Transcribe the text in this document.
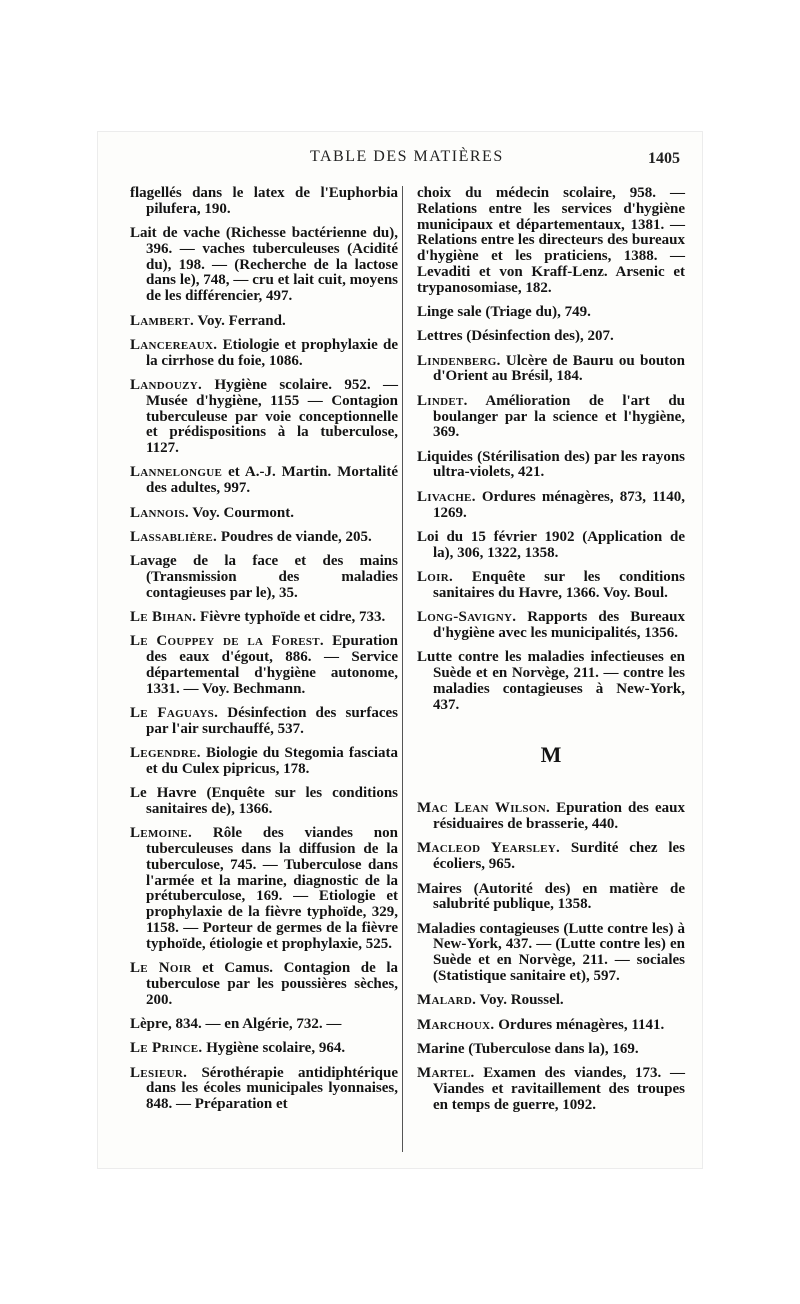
TABLE DES MATIÈRES	1405
flagellés dans le latex de l'Euphorbia pilufera, 190.
Lait de vache (Richesse bactérienne du), 396. — vaches tuberculeuses (Acidité du), 198. — (Recherche de la lactose dans le), 748, — cru et lait cuit, moyens de les différencier, 497.
Lambert. Voy. Ferrand.
Lancereaux. Etiologie et prophylaxie de la cirrhose du foie, 1086.
Landouzy. Hygiène scolaire. 952. — Musée d'hygiène, 1155 — Contagion tuberculeuse par voie conceptionnelle et prédispositions à la tuberculose, 1127.
Lannelongue et A.-J. Martin. Mortalité des adultes, 997.
Lannois. Voy. Courmont.
Lassablière. Poudres de viande, 205.
Lavage de la face et des mains (Transmission des maladies contagieuses par le), 35.
Le Bihan. Fièvre typhoïde et cidre, 733.
Le Couppey de la Forest. Epuration des eaux d'égout, 886. — Service départemental d'hygiène autonome, 1331. — Voy. Bechmann.
Le Faguays. Désinfection des surfaces par l'air surchauffé, 537.
Legendre. Biologie du Stegomia fasciata et du Culex pipricus, 178.
Le Havre (Enquête sur les conditions sanitaires de), 1366.
Lemoine. Rôle des viandes non tuberculeuses dans la diffusion de la tuberculose, 745. — Tuberculose dans l'armée et la marine, diagnostic de la prétuberculose, 169. — Etiologie et prophylaxie de la fièvre typhoïde, 329, 1158. — Porteur de germes de la fièvre typhoïde, étiologie et prophylaxie, 525.
Le Noir et Camus. Contagion de la tuberculose par les poussières sèches, 200.
Lèpre, 834. — en Algérie, 732. —
Le Prince. Hygiène scolaire, 964.
Lesieur. Sérothérapie antidiphtérique dans les écoles municipales lyonnaises, 848. — Préparation et
choix du médecin scolaire, 958. — Relations entre les services d'hygiène municipaux et départementaux, 1381. — Relations entre les directeurs des bureaux d'hygiène et les praticiens, 1388. — Levaditi et von Kraff-Lenz. Arsenic et trypanosomiase, 182.
Linge sale (Triage du), 749.
Lettres (Désinfection des), 207.
Lindenberg. Ulcère de Bauru ou bouton d'Orient au Brésil, 184.
Lindet. Amélioration de l'art du boulanger par la science et l'hygiène, 369.
Liquides (Stérilisation des) par les rayons ultra-violets, 421.
Livache. Ordures ménagères, 873, 1140, 1269.
Loi du 15 février 1902 (Application de la), 306, 1322, 1358.
Loir. Enquête sur les conditions sanitaires du Havre, 1366. Voy. Boul.
Long-Savigny. Rapports des Bureaux d'hygiène avec les municipalités, 1356.
Lutte contre les maladies infectieuses en Suède et en Norvège, 211. — contre les maladies contagieuses à New-York, 437.
M
Mac Lean Wilson. Epuration des eaux résiduaires de brasserie, 440.
Macleod Yearsley. Surdité chez les écoliers, 965.
Maires (Autorité des) en matière de salubrité publique, 1358.
Maladies contagieuses (Lutte contre les) à New-York, 437. — (Lutte contre les) en Suède et en Norvège, 211. — sociales (Statistique sanitaire et), 597.
Malard. Voy. Roussel.
Marchoux. Ordures ménagères, 1141.
Marine (Tuberculose dans la), 169.
Martel. Examen des viandes, 173. — Viandes et ravitaillement des troupes en temps de guerre, 1092.
